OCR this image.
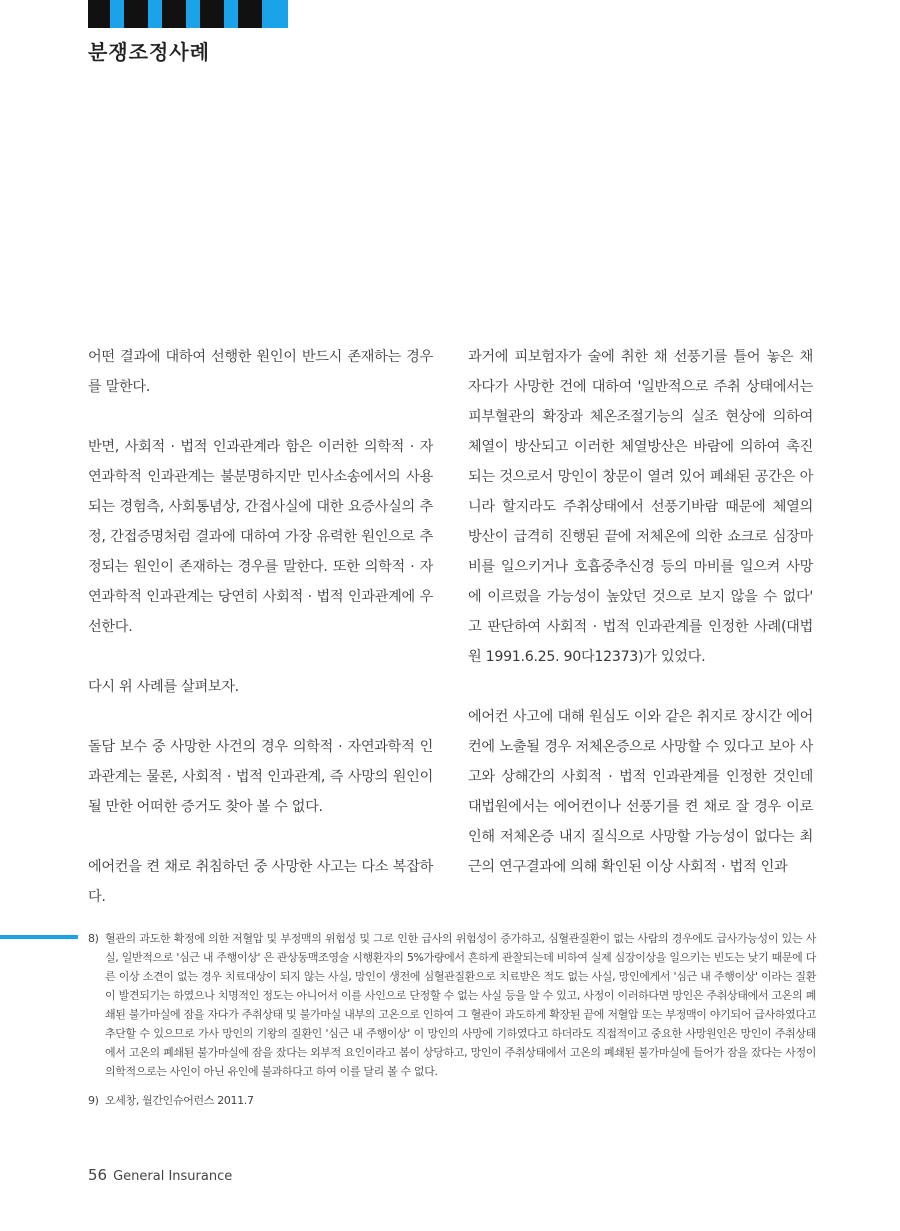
분쟁조정사례

어떤 결과에 대하여 선행한 원인이 반드시 존재하는 경우를 말한다.

반면, 사회적 · 법적 인과관계라 함은 이러한 의학적 · 자연과학적 인과관계는 불분명하지만 민사소송에서의 사용되는 경험측, 사회통념상, 간접사실에 대한 요증사실의 추정, 간접증명처럼 결과에 대하여 가장 유력한 원인으로 추정되는 원인이 존재하는 경우를 말한다. 또한 의학적 · 자연과학적 인과관계는 당연히 사회적 · 법적 인과관계에 우선한다.

다시 위 사례를 살펴보자.

돌담 보수 중 사망한 사건의 경우 의학적 · 자연과학적 인과관계는 물론, 사회적 · 법적 인과관계, 즉 사망의 원인이 될 만한 어떠한 증거도 찾아 볼 수 없다.

에어컨을 켠 채로 취침하던 중 사망한 사고는 다소 복잡하다.

과거에 피보험자가 술에 취한 채 선풍기를 틀어 놓은 채 자다가 사망한 건에 대하여 '일반적으로 주취 상태에서는 피부혈관의 확장과 체온조절기능의 실조 현상에 의하여 체열이 방산되고 이러한 체열방산은 바람에 의하여 촉진되는 것으로서 망인이 창문이 열려 있어 폐쇄된 공간은 아니라 할지라도 주취상태에서 선풍기바람 때문에 체열의 방산이 급격히 진행된 끝에 저체온에 의한 쇼크로 심장마비를 일으키거나 호흡중추신경 등의 마비를 일으켜 사망에 이르렀을 가능성이 높았던 것으로 보지 않을 수 없다' 고 판단하여 사회적 · 법적 인과관계를 인정한 사례(대법원 1991.6.25. 90다12373)가 있었다.

에어컨 사고에 대해 원심도 이와 같은 취지로 장시간 에어컨에 노출될 경우 저체온증으로 사망할 수 있다고 보아 사고와 상해간의 사회적 · 법적 인과관계를 인정한 것인데 대법원에서는 에어컨이나 선풍기를 켠 채로 잘 경우 이로 인해 저체온증 내지 질식으로 사망할 가능성이 없다는 최근의 연구결과에 의해 확인된 이상 사회적 · 법적 인과

8) 혈관의 과도한 확정에 의한 저혈압 및 부정맥의 위험성 및 그로 인한 급사의 위험성이 증가하고, 심혈관질환이 없는 사람의 경우에도 급사가능성이 있는 사실, 일반적으로 '심근 내 주행이상' 은 관상동맥조영술 시행환자의 5%가량에서 흔하게 관찰되는데 비하여 실제 심장이상을 일으키는 빈도는 낮기 때문에 다른 이상 소견이 없는 경우 치료대상이 되지 않는 사실, 망인이 생전에 심혈관질환으로 치료받은 적도 없는 사실, 망인에게서 '심근 내 주행이상' 이라는 질환이 발견되기는 하였으나 치명적인 정도는 아니어서 이를 사인으로 단정할 수 없는 사실 등을 알 수 있고, 사정이 이러하다면 망인은 주취상태에서 고온의 폐쇄된 불가마실에 잠을 자다가 주취상태 및 불가마실 내부의 고온으로 인하여 그 혈관이 과도하게 확장된 끝에 저혈압 또는 부정맥이 야기되어 급사하였다고 추단할 수 있으므로 가사 망인의 기왕의 질환인 '심근 내 주행이상' 이 망인의 사망에 기하였다고 하더라도 직접적이고 중요한 사망원인은 망인이 주취상태에서 고온의 폐쇄된 불가마실에 잠을 잤다는 외부적 요인이라고 봄이 상당하고, 망인이 주취상태에서 고온의 폐쇄된 불가마실에 들어가 잠을 잤다는 사정이 의학적으로는 사인이 아닌 유인에 불과하다고 하여 이를 달리 볼 수 없다.
9) 오세창, 월간인슈어런스 2011.7
56 General Insurance
